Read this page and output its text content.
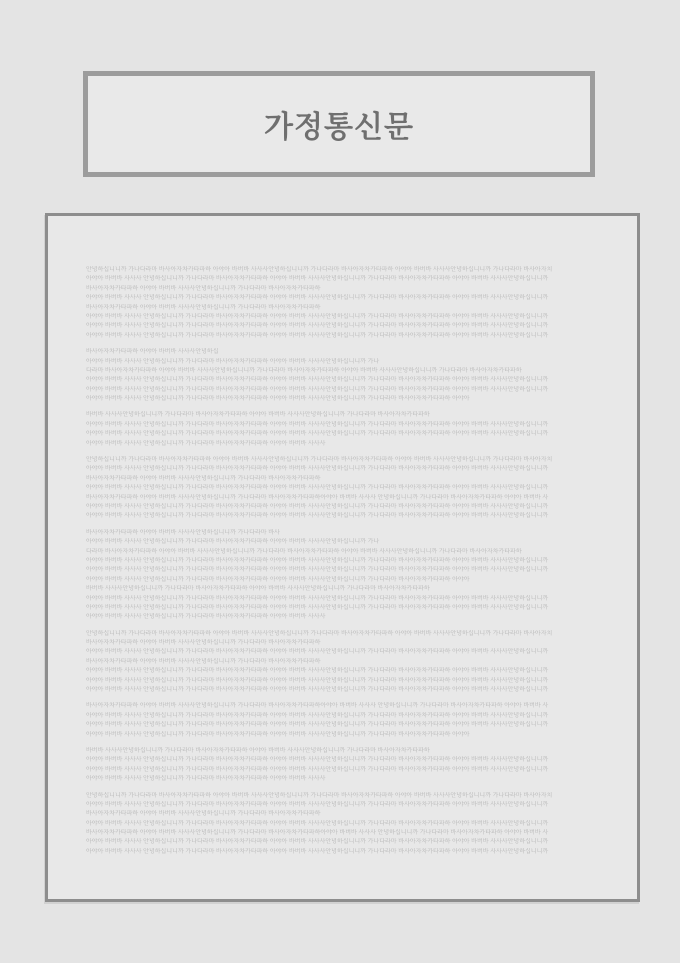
가정통신문
안녕하십니니까 가나다라마 바사아자차카타파하 아야아 바버바 사사사안녕하십니니까 가나다라마 바사아자차카타파하 아야아 바버바 사사사안녕하십니니까 가나다라마 바사아자치
아야아 바버바 사사사 안녕하십니니까 가나다라마 바사아자차카타파하 아야아 바버바 사사사안녕하십니니까 가나다라마 바사아자차카타파하 아야아 바버바 사사사안녕하십니니까
바사아자차카타파하 아야아 바버바 사사사안녕하십니니까 가나다라마 바사아자차카타파하
아야아 바버바 사사사 안녕하십니니까 가나다라마 바사아자차카타파하 아야아 바버바 사사사안녕하십니니까 가나다라마 바사아자차카타파하 아야아 바버바 사사사안녕하십니니까
바사아자차카타파하 아야아 바버바 사사사안녕하십니니까 가나다라마 바사아자차카타파하
아야아 바버바 사사사 안녕하십니니까 가나다라마 바사아자차카타파하 아야아 바버바 사사사안녕하십니니까 가나다라마 바사아자차카타파하 아야아 바버바 사사사안녕하십니니까
아야아 바버바 사사사 안녕하십니니까 가나다라마 바사아자차카타파하 아야아 바버바 사사사안녕하십니니까 가나다라마 바사아자차카타파하 아야아 바버바 사사사안녕하십니니까
아야아 바버바 사사사 안녕하십니니까 가나다라마 바사아자차카타파하 아야아 바버바 사사사안녕하십니니까 가나다라마 바사아자차카타파하 아야아 바버바 사사사안녕하십니니까
바사아자차카타파하 아야아 바버바 사사사안녕하십
아야아 바버바 사사사 안녕하십니니까 가나다라마 바사아자차카타파하 아야아 바버바 사사사안녕하십니니까 가나
다라마 바사아자차카타파하 아야아 바버바 사사사안녕하십니니까 가나다라마 바사아자차카타파하 아야아 바버바 사사사안녕하십니니까 가나다라마 바사아자차카타파하
아야아 바버바 사사사 안녕하십니니까 가나다라마 바사아자차카타파하 아야아 바버바 사사사안녕하십니니까 가나다라마 바사아자차카타파하 아야아 바버바 사사사안녕하십니니까
아야아 바버바 사사사 안녕하십니니까 가나다라마 바사아자차카타파하 아야아 바버바 사사사안녕하십니니까 가나다라마 바사아자차카타파하 아야아 바버바 사사사안녕하십니니까
아야아 바버바 사사사 안녕하십니니까 가나다라마 바사아자차카타파하 아야아 바버바 사사사안녕하십니니까 가나다라마 바사아자차카타파하 아야아
바버바 사사사안녕하십니니까 가나다라마 바사아자차카타파하 아야아 바버바 사사사안녕하십니니까 가나다라마 바사아자차카타파하
아야아 바버바 사사사 안녕하십니니까 가나다라마 바사아자차카타파하 아야아 바버바 사사사안녕하십니니까 가나다라마 바사아자차카타파하 아야아 바버바 사사사안녕하십니니까
아야아 바버바 사사사 안녕하십니니까 가나다라마 바사아자차카타파하 아야아 바버바 사사사안녕하십니니까 가나다라마 바사아자차카타파하 아야아 바버바 사사사안녕하십니니까
아야아 바버바 사사사 안녕하십니니까 가나다라마 바사아자차카타파하 아야아 바버바 사사사
안녕하십니니까 가나다라마 바사아자차카타파하 아야아 바버바 사사사안녕하십니니까 가나다라마 바사아자차카타파하 아야아 바버바 사사사안녕하십니니까 가나다라마 바사아자치
아야아 바버바 사사사 안녕하십니니까 가나다라마 바사아자차카타파하 아야아 바버바 사사사안녕하십니니까 가나다라마 바사아자차카타파하 아야아 바버바 사사사안녕하십니니까
바사아자차카타파하 아야아 바버바 사사사안녕하십니니까 가나다라마 바사아자차카타파하
아야아 바버바 사사사 안녕하십니니까 가나다라마 바사아자차카타파하 아야아 바버바 사사사안녕하십니니까 가나다라마 바사아자차카타파하 아야아 바버바 사사사안녕하십니니까
바사아자차카타파하 아야아 바버바 사사사안녕하십니니까 가나다라마 바사아자차카타파하아야아 바버바 사사사 안녕하십니니까 가나다라마 바사아자차카타파하 아야아 바버바 사
아야아 바버바 사사사 안녕하십니니까 가나다라마 바사아자차카타파하 아야아 바버바 사사사안녕하십니니까 가나다라마 바사아자차카타파하 아야아 바버바 사사사안녕하십니니까
아야아 바버바 사사사 안녕하십니니까 가나다라마 바사아자차카타파하 아야아 바버바 사사사안녕하십니니까 가나다라마 바사아자차카타파하 아야아 바버바 사사사안녕하십니니까
바사아자차카타파하 아야아 바버바 사사사안녕하십니니까 가나다라마 바사
아야아 바버바 사사사 안녕하십니니까 가나다라마 바사아자차카타파하 아야아 바버바 사사사안녕하십니니까 가나
다라마 바사아자차카타파하 아야아 바버바 사사사안녕하십니니까 가나다라마 바사아자차카타파하 아야아 바버바 사사사안녕하십니니까 가나다라마 바사아자차카타파하
아야아 바버바 사사사 안녕하십니니까 가나다라마 바사아자차카타파하 아야아 바버바 사사사안녕하십니니까 가나다라마 바사아자차카타파하 아야아 바버바 사사사안녕하십니니까
아야아 바버바 사사사 안녕하십니니까 가나다라마 바사아자차카타파하 아야아 바버바 사사사안녕하십니니까 가나다라마 바사아자차카타파하 아야아 바버바 사사사안녕하십니니까
아야아 바버바 사사사 안녕하십니니까 가나다라마 바사아자차카타파하 아야아 바버바 사사사안녕하십니니까 가나다라마 바사아자차카타파하 아야아
바버바 사사사안녕하십니니까 가나다라마 바사아자차카타파하 아야아 바버바 사사사안녕하십니니까 가나다라마 바사아자차카타파하
아야아 바버바 사사사 안녕하십니니까 가나다라마 바사아자차카타파하 아야아 바버바 사사사안녕하십니니까 가나다라마 바사아자차카타파하 아야아 바버바 사사사안녕하십니니까
아야아 바버바 사사사 안녕하십니니까 가나다라마 바사아자차카타파하 아야아 바버바 사사사안녕하십니니까 가나다라마 바사아자차카타파하 아야아 바버바 사사사안녕하십니니까
아야아 바버바 사사사 안녕하십니니까 가나다라마 바사아자차카타파하 아야아 바버바 사사사
안녕하십니니까 가나다라마 바사아자차카타파하 아야아 바버바 사사사안녕하십니니까 가나다라마 바사아자차카타파하 아야아 바버바 사사사안녕하십니니까 가나다라마 바사아자치
바사아자차카타파하 아야아 바버바 사사사안녕하십니니까 가나다라마 바사아자차카타파하
아야아 바버바 사사사 안녕하십니니까 가나다라마 바사아자차카타파하 아야아 바버바 사사사안녕하십니니까 가나다라마 바사아자차카타파하 아야아 바버바 사사사안녕하십니니까
바사아자차카타파하 아야아 바버바 사사사안녕하십니니까 가나다라마 바사아자차카타파하
아야아 바버바 사사사 안녕하십니니까 가나다라마 바사아자차카타파하 아야아 바버바 사사사안녕하십니니까 가나다라마 바사아자차카타파하 아야아 바버바 사사사안녕하십니니까
아야아 바버바 사사사 안녕하십니니까 가나다라마 바사아자차카타파하 아야아 바버바 사사사안녕하십니니까 가나다라마 바사아자차카타파하 아야아 바버바 사사사안녕하십니니까
아야아 바버바 사사사 안녕하십니니까 가나다라마 바사아자차카타파하 아야아 바버바 사사사안녕하십니니까 가나다라마 바사아자차카타파하 아야아 바버바 사사사안녕하십니니까
바사아자차카타파하 아야아 바버바 사사사안녕하십니니까 가나다라마 바사아자차카타파하아야아 바버바 사사사 안녕하십니니까 가나다라마 바사아자차카타파하 아야아 바버바 사
아야아 바버바 사사사 안녕하십니니까 가나다라마 바사아자차카타파하 아야아 바버바 사사사안녕하십니니까 가나다라마 바사아자차카타파하 아야아 바버바 사사사안녕하십니니까
아야아 바버바 사사사 안녕하십니니까 가나다라마 바사아자차카타파하 아야아 바버바 사사사안녕하십니니까 가나다라마 바사아자차카타파하 아야아 바버바 사사사안녕하십니니까
아야아 바버바 사사사 안녕하십니니까 가나다라마 바사아자차카타파하 아야아 바버바 사사사안녕하십니니까 가나다라마 바사아자차카타파하 아야아
바버바 사사사안녕하십니니까 가나다라마 바사아자차카타파하 아야아 바버바 사사사안녕하십니니까 가나다라마 바사아자차카타파하
아야아 바버바 사사사 안녕하십니니까 가나다라마 바사아자차카타파하 아야아 바버바 사사사안녕하십니니까 가나다라마 바사아자차카타파하 아야아 바버바 사사사안녕하십니니까
아야아 바버바 사사사 안녕하십니니까 가나다라마 바사아자차카타파하 아야아 바버바 사사사안녕하십니니까 가나다라마 바사아자차카타파하 아야아 바버바 사사사안녕하십니니까
아야아 바버바 사사사 안녕하십니니까 가나다라마 바사아자차카타파하 아야아 바버바 사사사
안녕하십니니까 가나다라마 바사아자차카타파하 아야아 바버바 사사사안녕하십니니까 가나다라마 바사아자차카타파하 아야아 바버바 사사사안녕하십니니까 가나다라마 바사아자치
아야아 바버바 사사사 안녕하십니니까 가나다라마 바사아자차카타파하 아야아 바버바 사사사안녕하십니니까 가나다라마 바사아자차카타파하 아야아 바버바 사사사안녕하십니니까
바사아자차카타파하 아야아 바버바 사사사안녕하십니니까 가나다라마 바사아자차카타파하
아야아 바버바 사사사 안녕하십니니까 가나다라마 바사아자차카타파하 아야아 바버바 사사사안녕하십니니까 가나다라마 바사아자차카타파하 아야아 바버바 사사사안녕하십니니까
바사아자차카타파하 아야아 바버바 사사사안녕하십니니까 가나다라마 바사아자차카타파하아야아 바버바 사사사 안녕하십니니까 가나다라마 바사아자차카타파하 아야아 바버바 사
아야아 바버바 사사사 안녕하십니니까 가나다라마 바사아자차카타파하 아야아 바버바 사사사안녕하십니니까 가나다라마 바사아자차카타파하 아야아 바버바 사사사안녕하십니니까
아야아 바버바 사사사 안녕하십니니까 가나다라마 바사아자차카타파하 아야아 바버바 사사사안녕하십니니까 가나다라마 바사아자차카타파하 아야아 바버바 사사사안녕하십니니까
